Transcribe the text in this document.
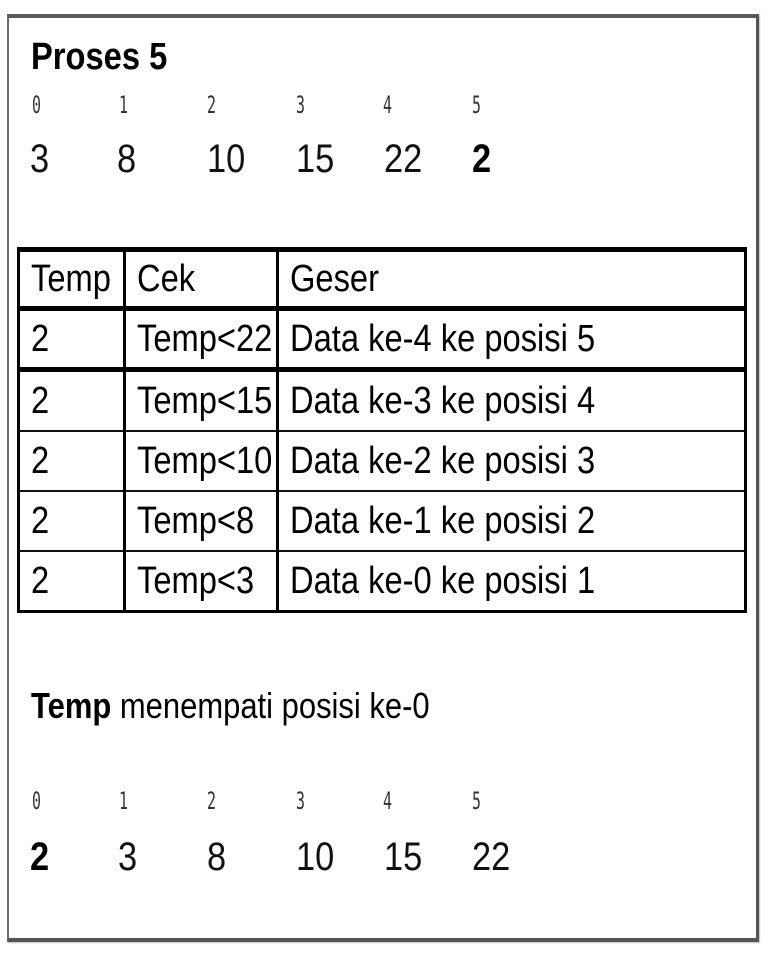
Proses 5
0	1	2	3	4	5
3 8 10 15 22 2
Temp	Cek	Geser
2	Temp<22	Data ke-4 ke posisi 5
2	Temp<15	Data ke-3 ke posisi 4
2	Temp<10	Data ke-2 ke posisi 3
2	Temp<8	Data ke-1 ke posisi 2
2	Temp<3	Data ke-0 ke posisi 1
Temp menempati posisi ke-0
0	1	2	3	4	5
2 3 8 10 15 22
